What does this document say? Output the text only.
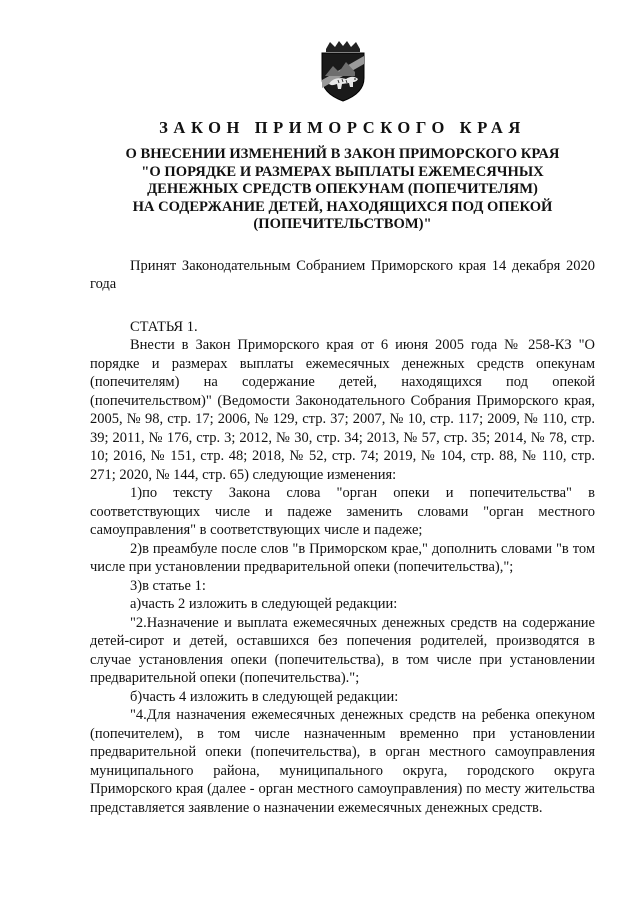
ЗАКОН ПРИМОРСКОГО КРАЯ
О ВНЕСЕНИИ ИЗМЕНЕНИЙ В ЗАКОН ПРИМОРСКОГО КРАЯ
"О ПОРЯДКЕ И РАЗМЕРАХ ВЫПЛАТЫ ЕЖЕМЕСЯЧНЫХ
ДЕНЕЖНЫХ СРЕДСТВ ОПЕКУНАМ (ПОПЕЧИТЕЛЯМ)
НА СОДЕРЖАНИЕ ДЕТЕЙ, НАХОДЯЩИХСЯ ПОД ОПЕКОЙ
(ПОПЕЧИТЕЛЬСТВОМ)"
Принят Законодательным Собранием Приморского края 14 декабря 2020 года
СТАТЬЯ 1.

Внести в Закон Приморского края от 6 июня 2005 года № 258-КЗ "О порядке и размерах выплаты ежемесячных денежных средств опекунам (попечителям) на содержание детей, находящихся под опекой (попечительством)" (Ведомости Законодательного Собрания Приморского края, 2005, № 98, стр. 17; 2006, № 129, стр. 37; 2007, № 10, стр. 117; 2009, № 110, стр. 39; 2011, № 176, стр. 3; 2012, № 30, стр. 34; 2013, № 57, стр. 35; 2014, № 78, стр. 10; 2016, № 151, стр. 48; 2018, № 52, стр. 74; 2019, № 104, стр. 88, № 110, стр. 271; 2020, № 144, стр. 65) следующие изменения:

1)по тексту Закона слова "орган опеки и попечительства" в соответствующих числе и падеже заменить словами "орган местного самоуправления" в соответствующих числе и падеже;

2)в преамбуле после слов "в Приморском крае," дополнить словами "в том числе при установлении предварительной опеки (попечительства),";

3)в статье 1:

а)часть 2 изложить в следующей редакции:

"2.Назначение и выплата ежемесячных денежных средств на содержание детей-сирот и детей, оставшихся без попечения родителей, производятся в случае установления опеки (попечительства), в том числе при установлении предварительной опеки (попечительства).";

б)часть 4 изложить в следующей редакции:

"4.Для назначения ежемесячных денежных средств на ребенка опекуном (попечителем), в том числе назначенным временно при установлении предварительной опеки (попечительства), в орган местного самоуправления муниципального района, муниципального округа, городского округа Приморского края (далее - орган местного самоуправления) по месту жительства представляется заявление о назначении ежемесячных денежных средств.
